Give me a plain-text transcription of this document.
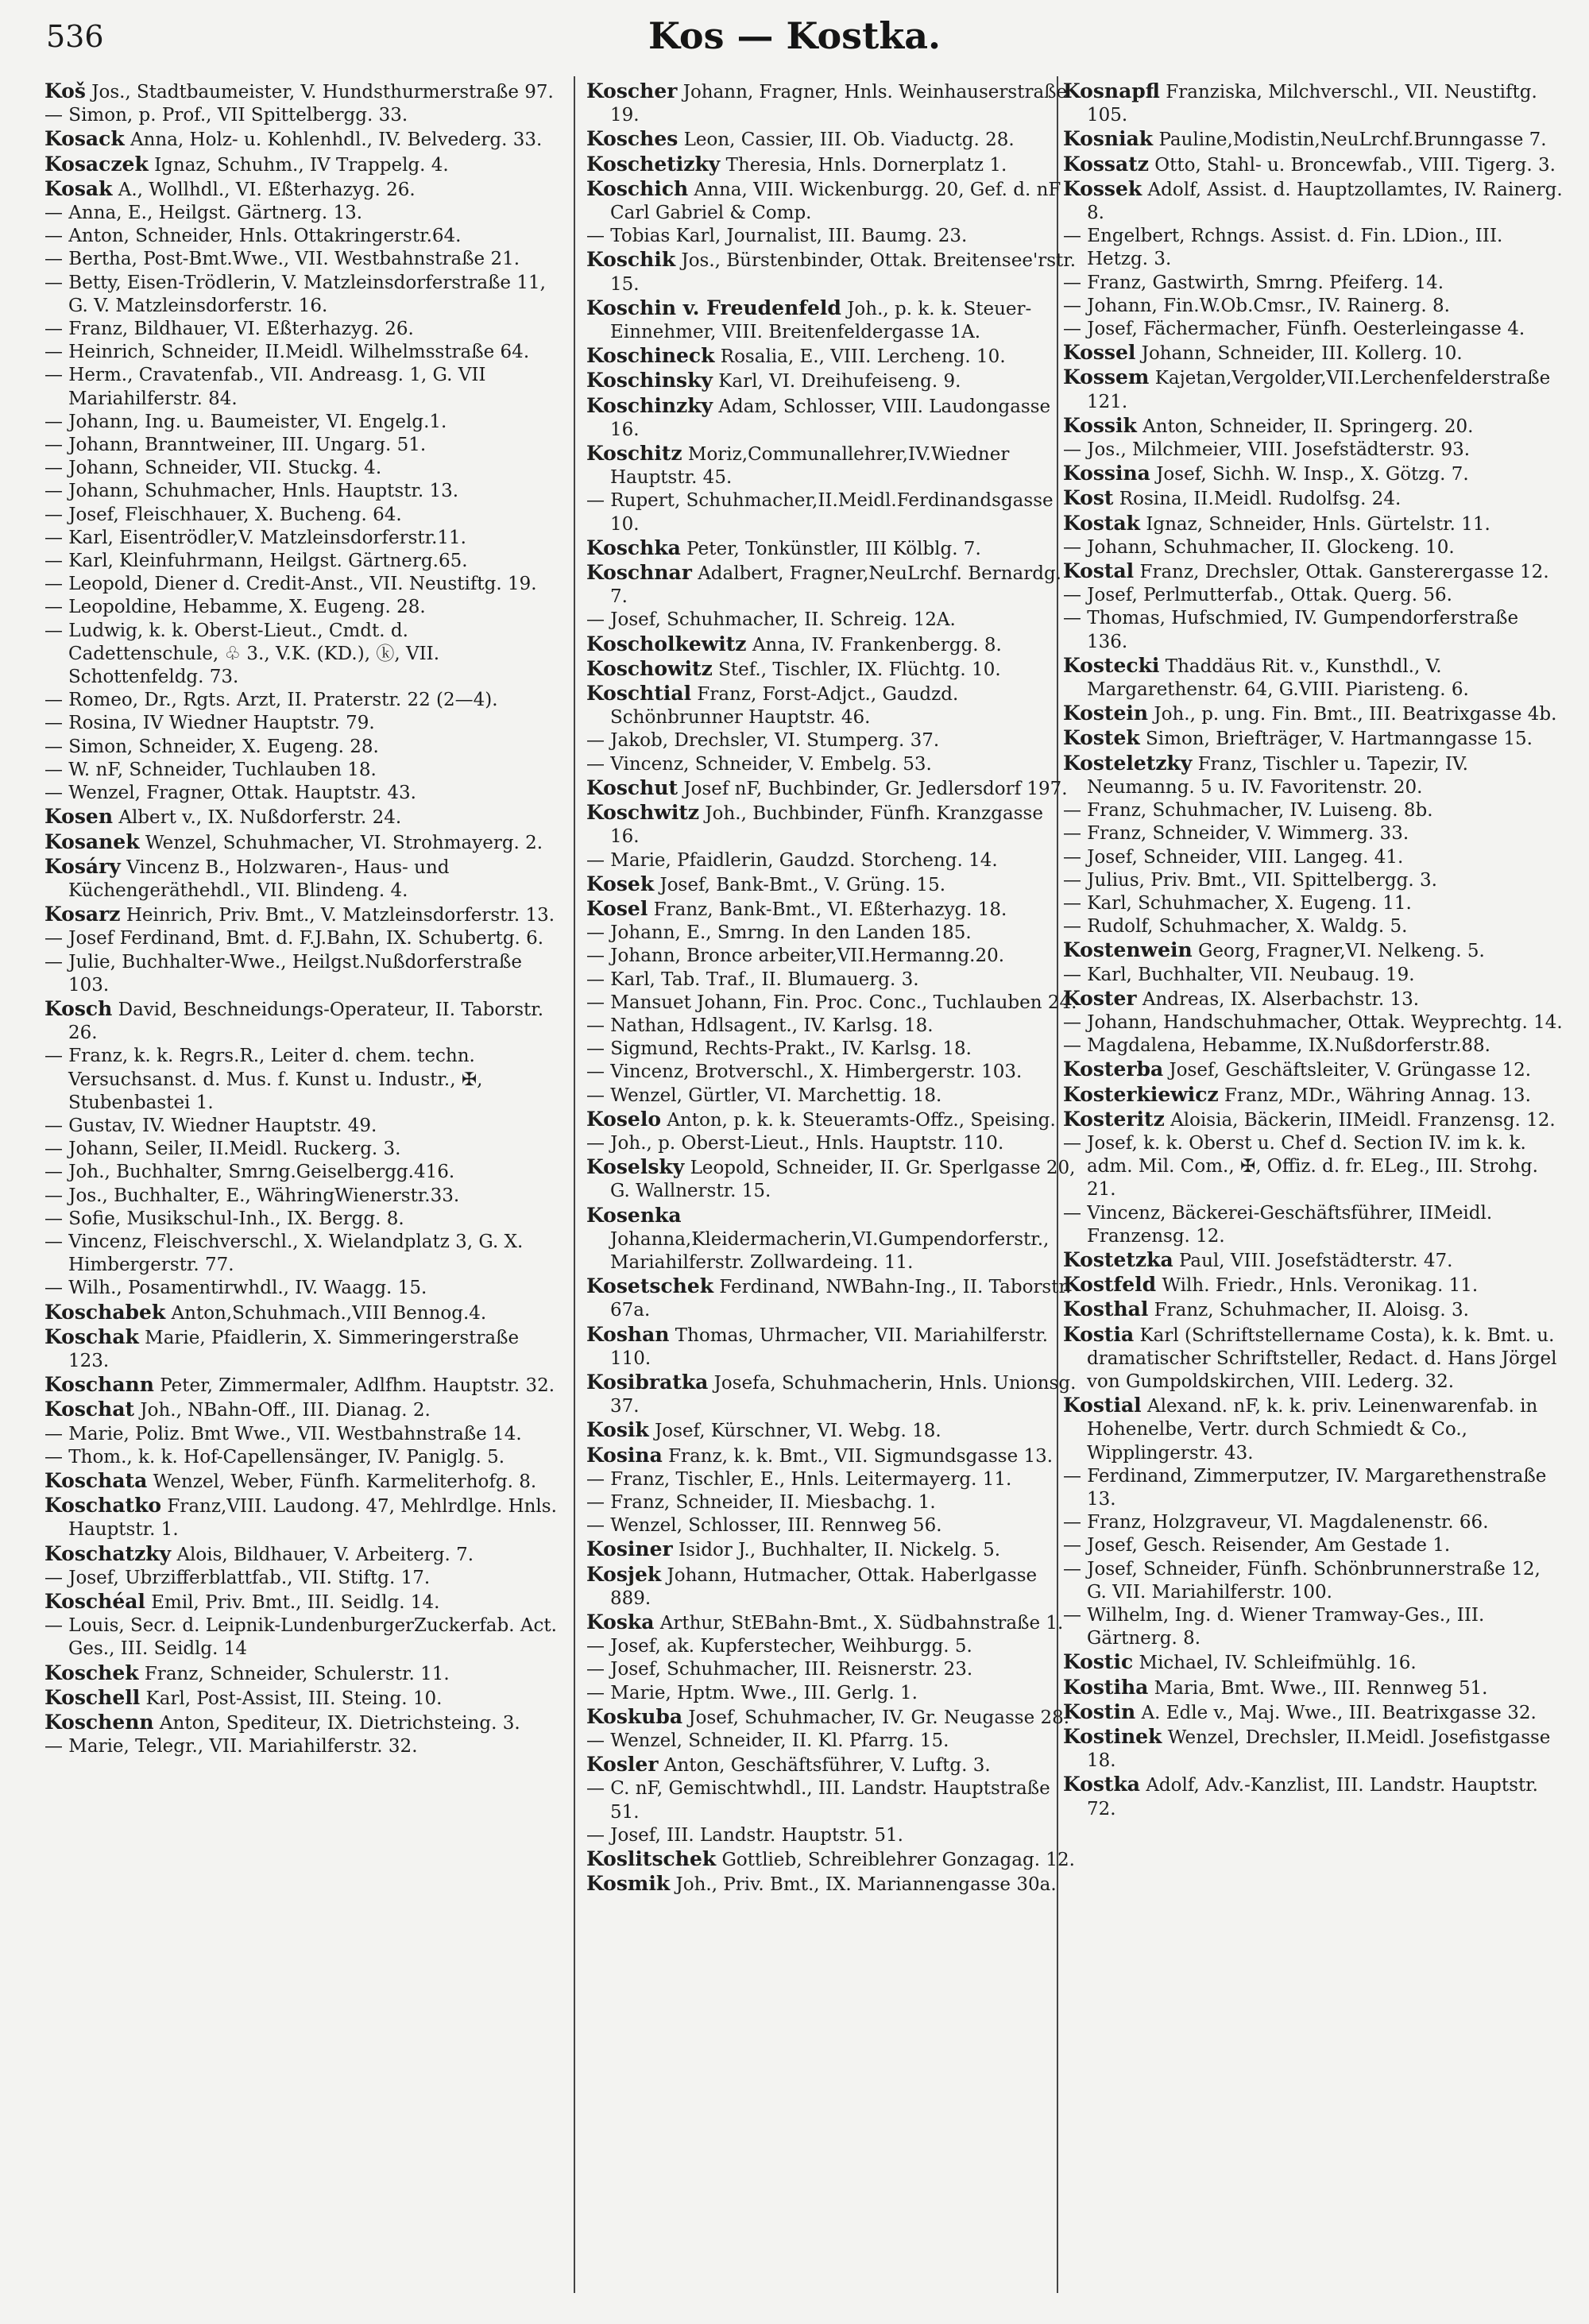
536	Kos — Kostka.
Koš Jos., Stadtbaumeister, V. Hundsthurmerstraße 97.
— Simon, p. Prof., VII Spittelbergg. 33.
Kosack Anna, Holz- u. Kohlenhdl., IV. Belvederg. 33.
Kosaczek Ignaz, Schuhm., IV Trappelg. 4.
Kosak A., Wollhdl., VI. Eßterhazyg. 26.
— Anna, E., Heilgst. Gärtnerg. 13.
— Anton, Schneider, Hnls. Ottakringerstr.64.
— Bertha, Post-Bmt.Wwe., VII. Westbahnstraße 21.
— Betty, Eisen-Trödlerin, V. Matzleinsdorferstraße 11, G. V. Matzleinsdorferstr. 16.
— Franz, Bildhauer, VI. Eßterhazyg. 26.
— Heinrich, Schneider, II.Meidl. Wilhelmsstraße 64.
— Herm., Cravatenfab., VII. Andreasg. 1, G. VII Mariahilferstr. 84.
— Johann, Ing. u. Baumeister, VI. Engelg.1.
— Johann, Branntweiner, III. Ungarg. 51.
— Johann, Schneider, VII. Stuckg. 4.
— Johann, Schuhmacher, Hnls. Hauptstr. 13.
— Josef, Fleischhauer, X. Bucheng. 64.
— Karl, Eisentrödler,V. Matzleinsdorferstr.11.
— Karl, Kleinfuhrmann, Heilgst. Gärtnerg.65.
— Leopold, Diener d. Credit-Anst., VII. Neustiftg. 19.
— Leopoldine, Hebamme, X. Eugeng. 28.
— Ludwig, k. k. Oberst-Lieut., Cmdt. d. Cadettenschule, ♧ 3., V.K. (KD.), ⓚ, VII. Schottenfeldg. 73.
— Romeo, Dr., Rgts. Arzt, II. Praterstr. 22 (2—4).
— Rosina, IV Wiedner Hauptstr. 79.
— Simon, Schneider, X. Eugeng. 28.
— W. nF, Schneider, Tuchlauben 18.
— Wenzel, Fragner, Ottak. Hauptstr. 43.
Kosen Albert v., IX. Nußdorferstr. 24.
Kosanek Wenzel, Schuhmacher, VI. Strohmayerg. 2.
Kosáry Vincenz B., Holzwaren-, Haus- und Küchengeräthehdl., VII. Blindeng. 4.
Kosarz Heinrich, Priv. Bmt., V. Matzleinsdorferstr. 13.
— Josef Ferdinand, Bmt. d. F.J.Bahn, IX. Schubertg. 6.
— Julie, Buchhalter-Wwe., Heilgst.Nußdorferstraße 103.
Kosch David, Beschneidungs-Operateur, II. Taborstr. 26.
— Franz, k. k. Regrs.R., Leiter d. chem. techn. Versuchsanst. d. Mus. f. Kunst u. Industr., ✠, Stubenbastei 1.
— Gustav, IV. Wiedner Hauptstr. 49.
— Johann, Seiler, II.Meidl. Ruckerg. 3.
— Joh., Buchhalter, Smrng.Geiselbergg.416.
— Jos., Buchhalter, E., WähringWienerstr.33.
— Sofie, Musikschul-Inh., IX. Bergg. 8.
— Vincenz, Fleischverschl., X. Wielandplatz 3, G. X. Himbergerstr. 77.
— Wilh., Posamentirwhdl., IV. Waagg. 15.
Koschabek Anton,Schuhmach.,VIII Bennog.4.
Koschak Marie, Pfaidlerin, X. Simmeringerstraße 123.
Koschann Peter, Zimmermaler, Adlfhm. Hauptstr. 32.
Koschat Joh., NBahn-Off., III. Dianag. 2.
— Marie, Poliz. Bmt Wwe., VII. Westbahnstraße 14.
— Thom., k. k. Hof-Capellensänger, IV. Paniglg. 5.
Koschata Wenzel, Weber, Fünfh. Karmeliterhofg. 8.
Koschatko Franz,VIII. Laudong. 47, Mehlrdlge. Hnls. Hauptstr. 1.
Koschatzky Alois, Bildhauer, V. Arbeiterg. 7.
— Josef, Ubrzifferblattfab., VII. Stiftg. 17.
Koschéal Emil, Priv. Bmt., III. Seidlg. 14.
— Louis, Secr. d. Leipnik-LundenburgerZuckerfab. Act. Ges., III. Seidlg. 14
Koschek Franz, Schneider, Schulerstr. 11.
Koschell Karl, Post-Assist, III. Steing. 10.
Koschenn Anton, Spediteur, IX. Dietrichsteing. 3.
— Marie, Telegr., VII. Mariahilferstr. 32.
Koscher Johann, Fragner, Hnls. Weinhauserstraße 19.
Kosches Leon, Cassier, III. Ob. Viaductg. 28.
Koschetizky Theresia, Hnls. Dornerplatz 1.
Koschich Anna, VIII. Wickenburgg. 20, Gef. d. nF Carl Gabriel & Comp.
— Tobias Karl, Journalist, III. Baumg. 23.
Koschik Jos., Bürstenbinder, Ottak. Breitensee'rstr. 15.
Koschin v. Freudenfeld Joh., p. k. k. Steuer-Einnehmer, VIII. Breitenfeldergasse 1A.
Koschineck Rosalia, E., VIII. Lercheng. 10.
Koschinsky Karl, VI. Dreihufeiseng. 9.
Koschinzky Adam, Schlosser, VIII. Laudongasse 16.
Koschitz Moriz,Communallehrer,IV.Wiedner Hauptstr. 45.
— Rupert, Schuhmacher,II.Meidl.Ferdinandsgasse 10.
Koschka Peter, Tonkünstler, III Kölblg. 7.
Koschnar Adalbert, Fragner,NeuLrchf. Bernardg. 7.
— Josef, Schuhmacher, II. Schreig. 12A.
Koscholkewitz Anna, IV. Frankenbergg. 8.
Koschowitz Stef., Tischler, IX. Flüchtg. 10.
Koschtial Franz, Forst-Adjct., Gaudzd. Schönbrunner Hauptstr. 46.
— Jakob, Drechsler, VI. Stumperg. 37.
— Vincenz, Schneider, V. Embelg. 53.
Koschut Josef nF, Buchbinder, Gr. Jedlersdorf 197.
Koschwitz Joh., Buchbinder, Fünfh. Kranzgasse 16.
— Marie, Pfaidlerin, Gaudzd. Storcheng. 14.
Kosek Josef, Bank-Bmt., V. Grüng. 15.
Kosel Franz, Bank-Bmt., VI. Eßterhazyg. 18.
— Johann, E., Smrng. In den Landen 185.
— Johann, Bronce arbeiter,VII.Hermanng.20.
— Karl, Tab. Traf., II. Blumauerg. 3.
— Mansuet Johann, Fin. Proc. Conc., Tuchlauben 24.
— Nathan, Hdlsagent., IV. Karlsg. 18.
— Sigmund, Rechts-Prakt., IV. Karlsg. 18.
— Vincenz, Brotverschl., X. Himbergerstr. 103.
— Wenzel, Gürtler, VI. Marchettig. 18.
Koselo Anton, p. k. k. Steueramts-Offz., Speising.
— Joh., p. Oberst-Lieut., Hnls. Hauptstr. 110.
Koselsky Leopold, Schneider, II. Gr. Sperlgasse 20, G. Wallnerstr. 15.
Kosenka Johanna,Kleidermacherin,VI.Gumpendorferstr., Mariahilferstr. Zollwardeing. 11.
Kosetschek Ferdinand, NWBahn-Ing., II. Taborstr. 67a.
Koshan Thomas, Uhrmacher, VII. Mariahilferstr. 110.
Kosibratka Josefa, Schuhmacherin, Hnls. Unionsg. 37.
Kosik Josef, Kürschner, VI. Webg. 18.
Kosina Franz, k. k. Bmt., VII. Sigmundsgasse 13.
— Franz, Tischler, E., Hnls. Leitermayerg. 11.
— Franz, Schneider, II. Miesbachg. 1.
— Wenzel, Schlosser, III. Rennweg 56.
Kosiner Isidor J., Buchhalter, II. Nickelg. 5.
Kosjek Johann, Hutmacher, Ottak. Haberlgasse 889.
Koska Arthur, StEBahn-Bmt., X. Südbahnstraße 1.
— Josef, ak. Kupferstecher, Weihburgg. 5.
— Josef, Schuhmacher, III. Reisnerstr. 23.
— Marie, Hptm. Wwe., III. Gerlg. 1.
Koskuba Josef, Schuhmacher, IV. Gr. Neugasse 28.
— Wenzel, Schneider, II. Kl. Pfarrg. 15.
Kosler Anton, Geschäftsführer, V. Luftg. 3.
— C. nF, Gemischtwhdl., III. Landstr. Hauptstraße 51.
— Josef, III. Landstr. Hauptstr. 51.
Koslitschek Gottlieb, Schreiblehrer Gonzagag. 12.
Kosmik Joh., Priv. Bmt., IX. Mariannengasse 30a.
Kosnapfl Franziska, Milchverschl., VII. Neustiftg. 105.
Kosniak Pauline,Modistin,NeuLrchf.Brunngasse 7.
Kossatz Otto, Stahl- u. Broncewfab., VIII. Tigerg. 3.
Kossek Adolf, Assist. d. Hauptzollamtes, IV. Rainerg. 8.
— Engelbert, Rchngs. Assist. d. Fin. LDion., III. Hetzg. 3.
— Franz, Gastwirth, Smrng. Pfeiferg. 14.
— Johann, Fin.W.Ob.Cmsr., IV. Rainerg. 8.
— Josef, Fächermacher, Fünfh. Oesterleingasse 4.
Kossel Johann, Schneider, III. Kollerg. 10.
Kossem Kajetan,Vergolder,VII.Lerchenfelderstraße 121.
Kossik Anton, Schneider, II. Springerg. 20.
— Jos., Milchmeier, VIII. Josefstädterstr. 93.
Kossina Josef, Sichh. W. Insp., X. Götzg. 7.
Kost Rosina, II.Meidl. Rudolfsg. 24.
Kostak Ignaz, Schneider, Hnls. Gürtelstr. 11.
— Johann, Schuhmacher, II. Glockeng. 10.
Kostal Franz, Drechsler, Ottak. Gansterergasse 12.
— Josef, Perlmutterfab., Ottak. Querg. 56.
— Thomas, Hufschmied, IV. Gumpendorferstraße 136.
Kostecki Thaddäus Rit. v., Kunsthdl., V. Margarethenstr. 64, G.VIII. Piaristeng. 6.
Kostein Joh., p. ung. Fin. Bmt., III. Beatrixgasse 4b.
Kostek Simon, Briefträger, V. Hartmanngasse 15.
Kosteletzky Franz, Tischler u. Tapezir, IV. Neumanng. 5 u. IV. Favoritenstr. 20.
— Franz, Schuhmacher, IV. Luiseng. 8b.
— Franz, Schneider, V. Wimmerg. 33.
— Josef, Schneider, VIII. Langeg. 41.
— Julius, Priv. Bmt., VII. Spittelbergg. 3.
— Karl, Schuhmacher, X. Eugeng. 11.
— Rudolf, Schuhmacher, X. Waldg. 5.
Kostenwein Georg, Fragner,VI. Nelkeng. 5.
— Karl, Buchhalter, VII. Neubaug. 19.
Koster Andreas, IX. Alserbachstr. 13.
— Johann, Handschuhmacher, Ottak. Weyprechtg. 14.
— Magdalena, Hebamme, IX.Nußdorferstr.88.
Kosterba Josef, Geschäftsleiter, V. Grüngasse 12.
Kosterkiewicz Franz, MDr., Währing Annag. 13.
Kosteritz Aloisia, Bäckerin, IIMeidl. Franzensg. 12.
— Josef, k. k. Oberst u. Chef d. Section IV. im k. k. adm. Mil. Com., ✠, Offiz. d. fr. ELeg., III. Strohg. 21.
— Vincenz, Bäckerei-Geschäftsführer, IIMeidl. Franzensg. 12.
Kostetzka Paul, VIII. Josefstädterstr. 47.
Kostfeld Wilh. Friedr., Hnls. Veronikag. 11.
Kosthal Franz, Schuhmacher, II. Aloisg. 3.
Kostia Karl (Schriftstellername Costa), k. k. Bmt. u. dramatischer Schriftsteller, Redact. d. Hans Jörgel von Gumpoldskirchen, VIII. Lederg. 32.
Kostial Alexand. nF, k. k. priv. Leinenwarenfab. in Hohenelbe, Vertr. durch Schmiedt & Co., Wipplingerstr. 43.
— Ferdinand, Zimmerputzer, IV. Margarethenstraße 13.
— Franz, Holzgraveur, VI. Magdalenenstr. 66.
— Josef, Gesch. Reisender, Am Gestade 1.
— Josef, Schneider, Fünfh. Schönbrunnerstraße 12, G. VII. Mariahilferstr. 100.
— Wilhelm, Ing. d. Wiener Tramway-Ges., III. Gärtnerg. 8.
Kostic Michael, IV. Schleifmühlg. 16.
Kostiha Maria, Bmt. Wwe., III. Rennweg 51.
Kostin A. Edle v., Maj. Wwe., III. Beatrixgasse 32.
Kostinek Wenzel, Drechsler, II.Meidl. Josefistgasse 18.
Kostka Adolf, Adv.-Kanzlist, III. Landstr. Hauptstr. 72.
